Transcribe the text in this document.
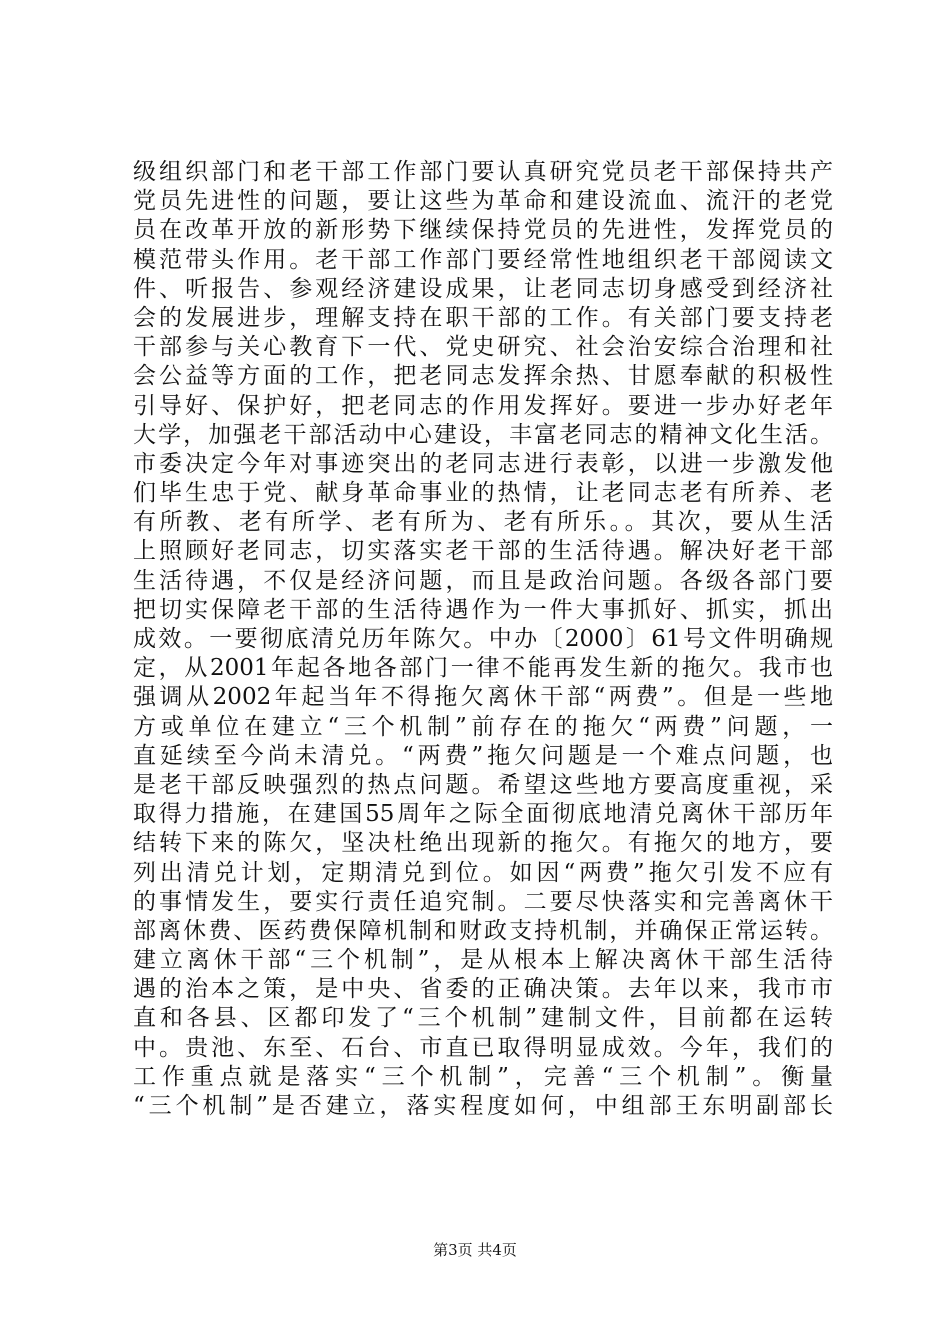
级组织部门和老干部工作部门要认真研究党员老干部保持共产
党员先进性的问题，要让这些为革命和建设流血、流汗的老党
员在改革开放的新形势下继续保持党员的先进性，发挥党员的
模范带头作用。老干部工作部门要经常性地组织老干部阅读文
件、听报告、参观经济建设成果，让老同志切身感受到经济社
会的发展进步，理解支持在职干部的工作。有关部门要支持老
干部参与关心教育下一代、党史研究、社会治安综合治理和社
会公益等方面的工作，把老同志发挥余热、甘愿奉献的积极性
引导好、保护好，把老同志的作用发挥好。要进一步办好老年
大学，加强老干部活动中心建设，丰富老同志的精神文化生活。
市委决定今年对事迹突出的老同志进行表彰，以进一步激发他
们毕生忠于党、献身革命事业的热情，让老同志老有所养、老
有所教、老有所学、老有所为、老有所乐。。其次，要从生活
上照顾好老同志，切实落实老干部的生活待遇。解决好老干部
生活待遇，不仅是经济问题，而且是政治问题。各级各部门要
把切实保障老干部的生活待遇作为一件大事抓好、抓实，抓出
成效。一要彻底清兑历年陈欠。中办〔2000〕61号文件明确规
定，从2001年起各地各部门一律不能再发生新的拖欠。我市也
强调从2002年起当年不得拖欠离休干部“两费”。但是一些地
方或单位在建立“三个机制”前存在的拖欠“两费”问题，一
直延续至今尚未清兑。“两费”拖欠问题是一个难点问题，也
是老干部反映强烈的热点问题。希望这些地方要高度重视，采
取得力措施，在建国55周年之际全面彻底地清兑离休干部历年
结转下来的陈欠，坚决杜绝出现新的拖欠。有拖欠的地方，要
列出清兑计划，定期清兑到位。如因“两费”拖欠引发不应有
的事情发生，要实行责任追究制。二要尽快落实和完善离休干
部离休费、医药费保障机制和财政支持机制，并确保正常运转。
建立离休干部“三个机制”，是从根本上解决离休干部生活待
遇的治本之策，是中央、省委的正确决策。去年以来，我市市
直和各县、区都印发了“三个机制”建制文件，目前都在运转
中。贵池、东至、石台、市直已取得明显成效。今年，我们的
工作重点就是落实“三个机制”，完善“三个机制”。衡量
“三个机制”是否建立，落实程度如何，中组部王东明副部长
第3页 共4页
